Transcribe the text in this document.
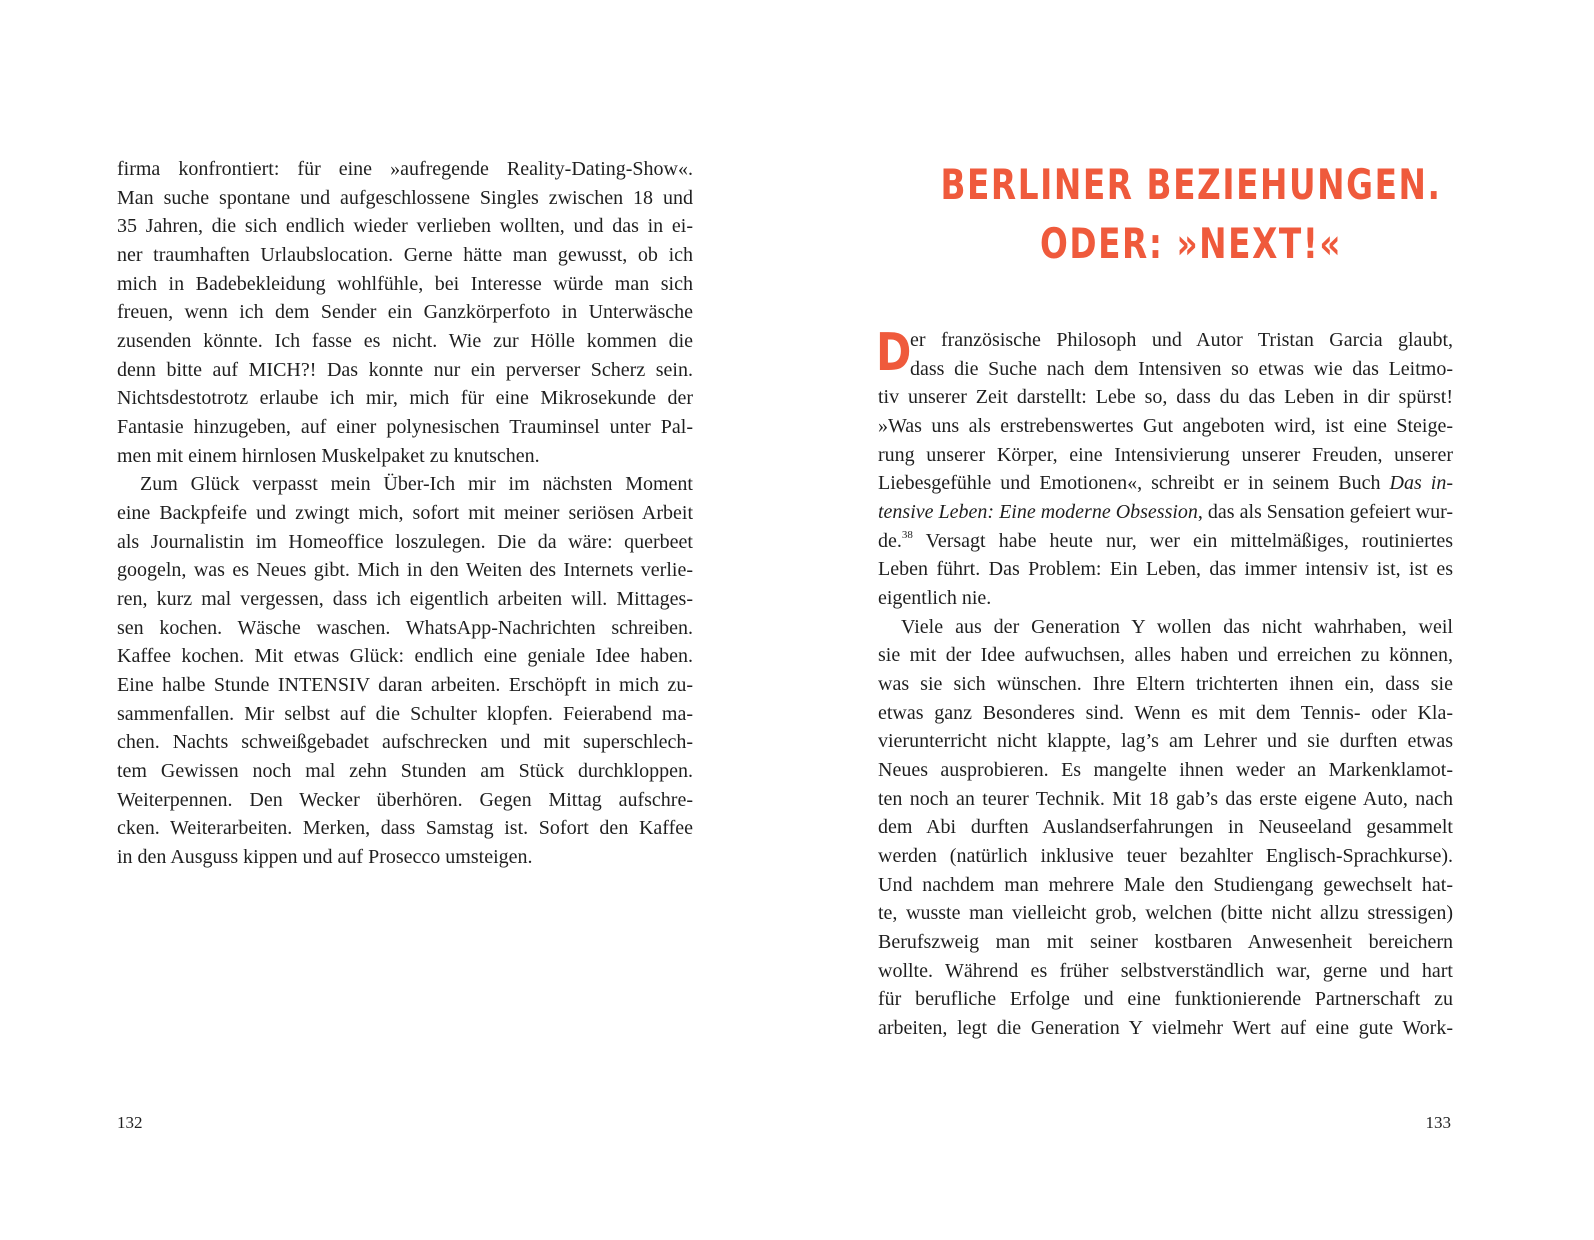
firma konfrontiert: für eine »aufregende Reality-Dating-Show«.
Man suche spontane und aufgeschlossene Singles zwischen 18 und
35 Jahren, die sich endlich wieder verlieben wollten, und das in ei-
ner traumhaften Urlaubslocation. Gerne hätte man gewusst, ob ich
mich in Badebekleidung wohlfühle, bei Interesse würde man sich
freuen, wenn ich dem Sender ein Ganzkörperfoto in Unterwäsche
zusenden könnte. Ich fasse es nicht. Wie zur Hölle kommen die
denn bitte auf MICH?! Das konnte nur ein perverser Scherz sein.
Nichtsdestotrotz erlaube ich mir, mich für eine Mikrosekunde der
Fantasie hinzugeben, auf einer polynesischen Trauminsel unter Pal-
men mit einem hirnlosen Muskelpaket zu knutschen.
Zum Glück verpasst mein Über-Ich mir im nächsten Moment
eine Backpfeife und zwingt mich, sofort mit meiner seriösen Arbeit
als Journalistin im Homeoffice loszulegen. Die da wäre: querbeet
googeln, was es Neues gibt. Mich in den Weiten des Internets verlie-
ren, kurz mal vergessen, dass ich eigentlich arbeiten will. Mittages-
sen kochen. Wäsche waschen. WhatsApp-Nachrichten schreiben.
Kaffee kochen. Mit etwas Glück: endlich eine geniale Idee haben.
Eine halbe Stunde INTENSIV daran arbeiten. Erschöpft in mich zu-
sammenfallen. Mir selbst auf die Schulter klopfen. Feierabend ma-
chen. Nachts schweißgebadet aufschrecken und mit superschlech-
tem Gewissen noch mal zehn Stunden am Stück durchkloppen.
Weiterpennen. Den Wecker überhören. Gegen Mittag aufschre-
cken. Weiterarbeiten. Merken, dass Samstag ist. Sofort den Kaffee
in den Ausguss kippen und auf Prosecco umsteigen.
132
BERLINER BEZIEHUNGEN.
ODER: »NEXT!«
D
er französische Philosoph und Autor Tristan Garcia glaubt,
dass die Suche nach dem Intensiven so etwas wie das Leitmo-
tiv unserer Zeit darstellt: Lebe so, dass du das Leben in dir spürst!
»Was uns als erstrebenswertes Gut angeboten wird, ist eine Steige-
rung unserer Körper, eine Intensivierung unserer Freuden, unserer
Liebesgefühle und Emotionen«, schreibt er in seinem Buch Das in-
tensive Leben: Eine moderne Obsession, das als Sensation gefeiert wur-
de.$^{38}$ Versagt habe heute nur, wer ein mittelmäßiges, routiniertes
Leben führt. Das Problem: Ein Leben, das immer intensiv ist, ist es
eigentlich nie.
Viele aus der Generation Y wollen das nicht wahrhaben, weil
sie mit der Idee aufwuchsen, alles haben und erreichen zu können,
was sie sich wünschen. Ihre Eltern trichterten ihnen ein, dass sie
etwas ganz Besonderes sind. Wenn es mit dem Tennis- oder Kla-
vierunterricht nicht klappte, lag’s am Lehrer und sie durften etwas
Neues ausprobieren. Es mangelte ihnen weder an Markenklamot-
ten noch an teurer Technik. Mit 18 gab’s das erste eigene Auto, nach
dem Abi durften Auslandserfahrungen in Neuseeland gesammelt
werden (natürlich inklusive teuer bezahlter Englisch-Sprachkurse).
Und nachdem man mehrere Male den Studiengang gewechselt hat-
te, wusste man vielleicht grob, welchen (bitte nicht allzu stressigen)
Berufszweig man mit seiner kostbaren Anwesenheit bereichern
wollte. Während es früher selbstverständlich war, gerne und hart
für berufliche Erfolge und eine funktionierende Partnerschaft zu
arbeiten, legt die Generation Y vielmehr Wert auf eine gute Work-
133
